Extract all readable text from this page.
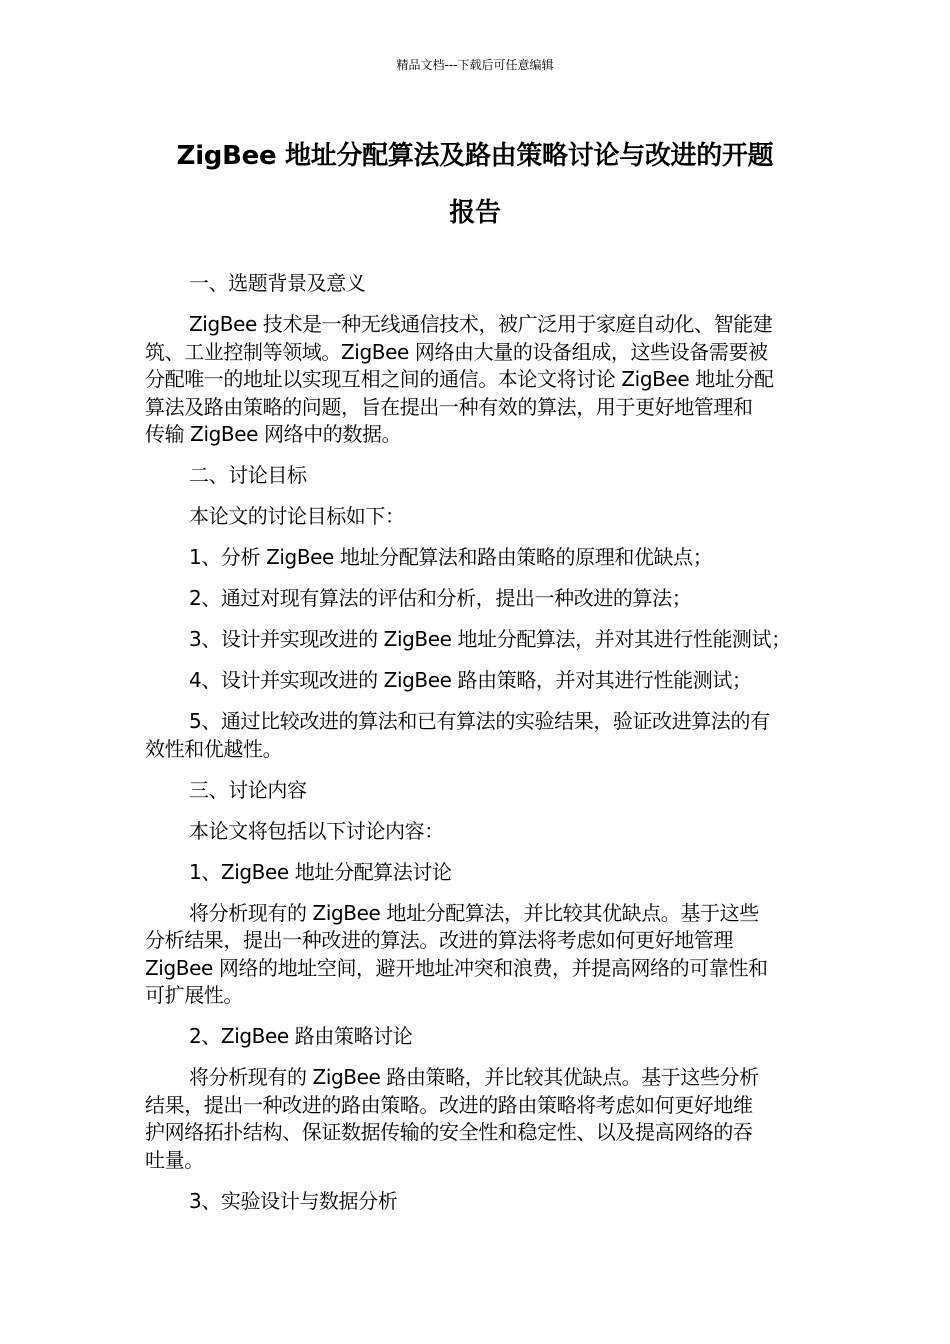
精品文档---下载后可任意编辑
ZigBee 地址分配算法及路由策略讨论与改进的开题
报告
一、选题背景及意义
ZigBee 技术是一种无线通信技术，被广泛用于家庭自动化、智能建
筑、工业控制等领域。ZigBee 网络由大量的设备组成，这些设备需要被
分配唯一的地址以实现互相之间的通信。本论文将讨论 ZigBee 地址分配
算法及路由策略的问题，旨在提出一种有效的算法，用于更好地管理和
传输 ZigBee 网络中的数据。
二、讨论目标
本论文的讨论目标如下：
1、分析 ZigBee 地址分配算法和路由策略的原理和优缺点；
2、通过对现有算法的评估和分析，提出一种改进的算法；
3、设计并实现改进的 ZigBee 地址分配算法，并对其进行性能测试；
4、设计并实现改进的 ZigBee 路由策略，并对其进行性能测试；
5、通过比较改进的算法和已有算法的实验结果，验证改进算法的有
效性和优越性。
三、讨论内容
本论文将包括以下讨论内容：
1、ZigBee 地址分配算法讨论
将分析现有的 ZigBee 地址分配算法，并比较其优缺点。基于这些
分析结果，提出一种改进的算法。改进的算法将考虑如何更好地管理
ZigBee 网络的地址空间，避开地址冲突和浪费，并提高网络的可靠性和
可扩展性。
2、ZigBee 路由策略讨论
将分析现有的 ZigBee 路由策略，并比较其优缺点。基于这些分析
结果，提出一种改进的路由策略。改进的路由策略将考虑如何更好地维
护网络拓扑结构、保证数据传输的安全性和稳定性、以及提高网络的吞
吐量。
3、实验设计与数据分析
